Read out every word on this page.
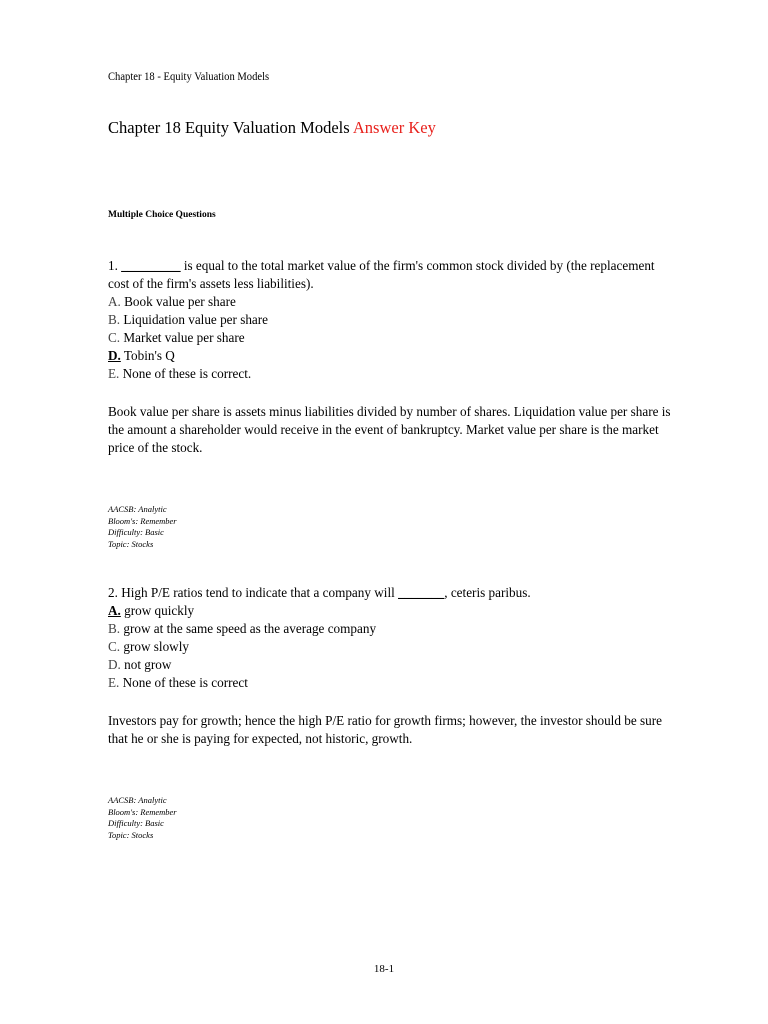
Chapter 18 - Equity Valuation Models
Chapter 18 Equity Valuation Models Answer Key
Multiple Choice Questions

1. _________ is equal to the total market value of the firm's common stock divided by (the replacement cost of the firm's assets less liabilities).

A. Book value per share

B. Liquidation value per share

C. Market value per share

D. Tobin's Q

E. None of these is correct.

Book value per share is assets minus liabilities divided by number of shares. Liquidation value per share is the amount a shareholder would receive in the event of bankruptcy. Market value per share is the market price of the stock.
AACSB: Analytic
Bloom's: Remember
Difficulty: Basic
Topic: Stocks

2. High P/E ratios tend to indicate that a company will _______, ceteris paribus.

A. grow quickly

B. grow at the same speed as the average company

C. grow slowly

D. not grow

E. None of these is correct

Investors pay for growth; hence the high P/E ratio for growth firms; however, the investor should be sure that he or she is paying for expected, not historic, growth.
AACSB: Analytic
Bloom's: Remember
Difficulty: Basic
Topic: Stocks
18-1
